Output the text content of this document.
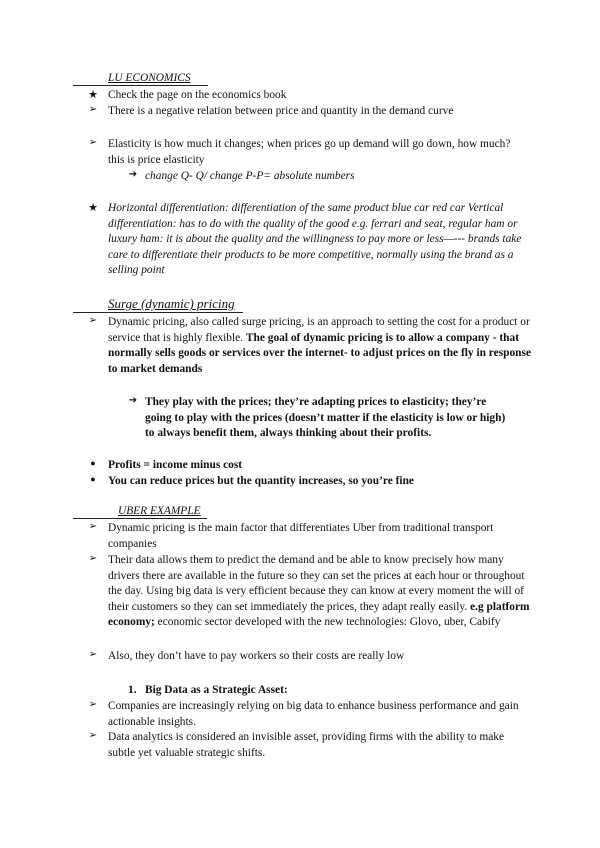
LU ECONOMICS
★ Check the page on the economics book
➢ There is a negative relation between price and quantity in the demand curve
➢ Elasticity is how much it changes; when prices go up demand will go down, how much? this is price elasticity
➔ change Q- Q/ change P-P= absolute numbers
★ Horizontal differentiation: differentiation of the same product blue car red car Vertical differentiation: has to do with the quality of the good e.g. ferrari and seat, regular ham or luxury ham: it is about the quality and the willingness to pay more or less—--- brands take care to differentiate their products to be more competitive, normally using the brand as a selling point
Surge (dynamic) pricing
➢ Dynamic pricing, also called surge pricing, is an approach to setting the cost for a product or service that is highly flexible. The goal of dynamic pricing is to allow a company - that normally sells goods or services over the internet- to adjust prices on the fly in response to market demands
➔ They play with the prices; they’re adapting prices to elasticity; they’re going to play with the prices (doesn’t matter if the elasticity is low or high) to always benefit them, always thinking about their profits.
●	Profits = income minus cost
●	You can reduce prices but the quantity increases, so you’re fine
UBER EXAMPLE
➢ Dynamic pricing is the main factor that differentiates Uber from traditional transport companies
➢ Their data allows them to predict the demand and be able to know precisely how many drivers there are available in the future so they can set the prices at each hour or throughout the day. Using big data is very efficient because they can know at every moment the will of their customers so they can set immediately the prices, they adapt really easily. e.g platform economy; economic sector developed with the new technologies: Glovo, uber, Cabify
➢ Also, they don’t have to pay workers so their costs are really low
1. Big Data as a Strategic Asset:
➢ Companies are increasingly relying on big data to enhance business performance and gain actionable insights.
➢ Data analytics is considered an invisible asset, providing firms with the ability to make subtle yet valuable strategic shifts.
